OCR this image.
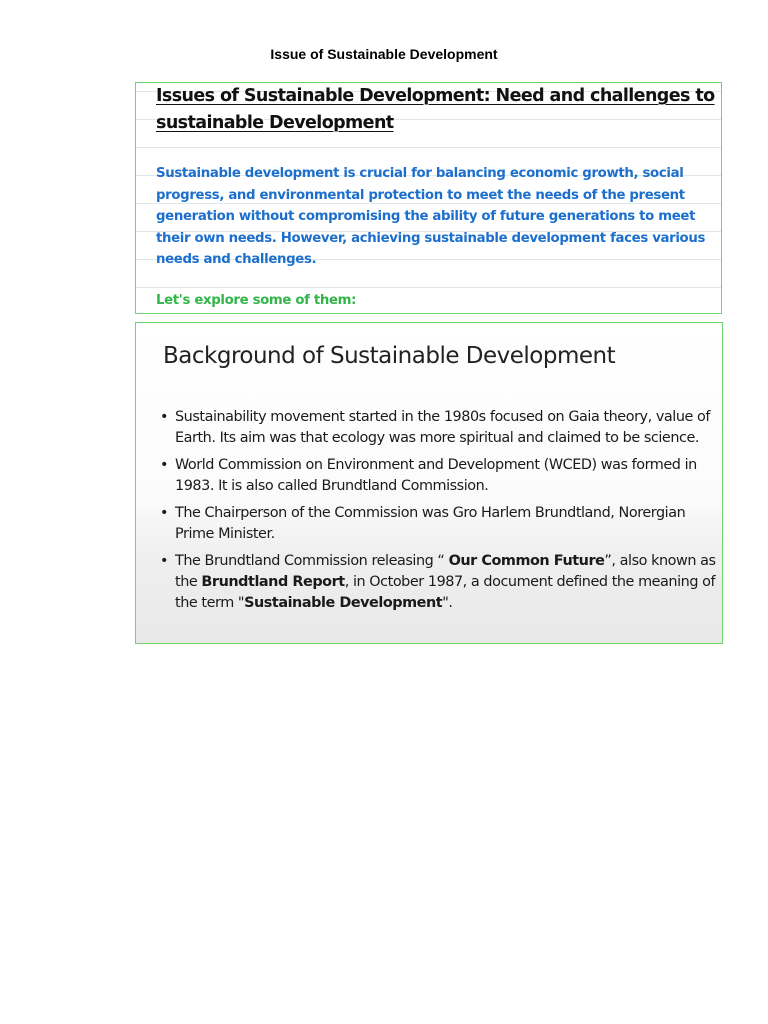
Issue of Sustainable Development
Issues of Sustainable Development: Need and challenges to
sustainable Development
Sustainable development is crucial for balancing economic growth, social progress, and environmental protection to meet the needs of the present generation without compromising the ability of future generations to meet their own needs. However, achieving sustainable development faces various needs and challenges.
Let's explore some of them:
Background of Sustainable Development
• Sustainability movement started in the 1980s focused on Gaia theory, value of Earth. Its aim was that ecology was more spiritual and claimed to be science.
• World Commission on Environment and Development (WCED) was formed in 1983. It is also called Brundtland Commission.
• The Chairperson of the Commission was Gro Harlem Brundtland, Norergian Prime Minister.
• The Brundtland Commission releasing “ Our Common Future”, also known as the Brundtland Report, in October 1987, a document defined the meaning of the term "Sustainable Development".
